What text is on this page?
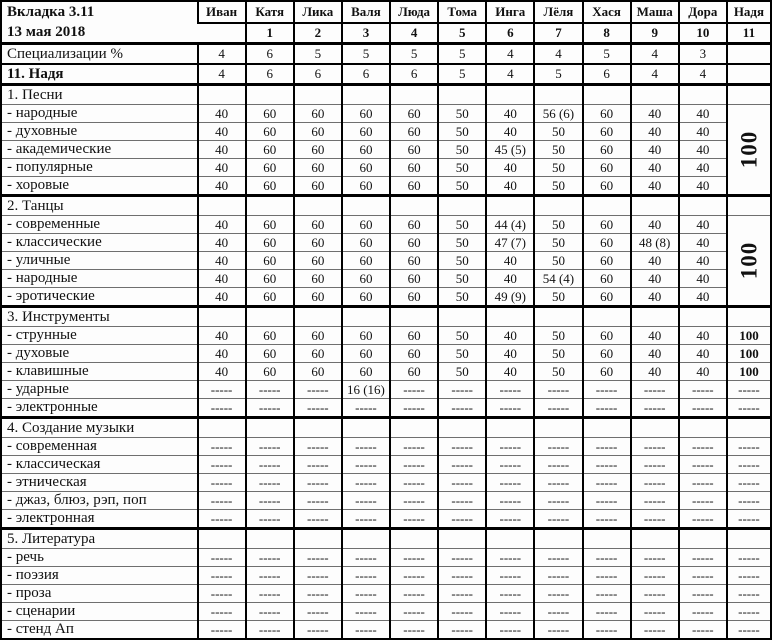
Вкладка 3.11
13 мая 2018	Иван	Катя	Лика	Валя	Люда	Тома	Инга	Лёля	Хася	Маша	Дора	Надя
		1	2	3	4	5	6	7	8	9	10	11
Специализации %	4	6	5	5	5	5	4	4	5	4	3	
11. Надя	4	6	6	6	6	5	4	5	6	4	4	
1. Песни												
- народные	40	60	60	60	60	50	40	56 (6)	60	40	40	100
- духовные	40	60	60	60	60	50	40	50	60	40	40	
- академические	40	60	60	60	60	50	45 (5)	50	60	40	40	
- популярные	40	60	60	60	60	50	40	50	60	40	40	
- хоровые	40	60	60	60	60	50	40	50	60	40	40	
2. Танцы												
- современные	40	60	60	60	60	50	44 (4)	50	60	40	40	100
- классические	40	60	60	60	60	50	47 (7)	50	60	48 (8)	40	
- уличные	40	60	60	60	60	50	40	50	60	40	40	
- народные	40	60	60	60	60	50	40	54 (4)	60	40	40	
- эротические	40	60	60	60	60	50	49 (9)	50	60	40	40	
3. Инструменты												
- струнные	40	60	60	60	60	50	40	50	60	40	40	100
- духовые	40	60	60	60	60	50	40	50	60	40	40	100
- клавишные	40	60	60	60	60	50	40	50	60	40	40	100
- ударные	-----	-----	-----	16 (16)	-----	-----	-----	-----	-----	-----	-----	-----
- электронные	-----	-----	-----	-----	-----	-----	-----	-----	-----	-----	-----	-----
4. Создание музыки												
- современная	-----	-----	-----	-----	-----	-----	-----	-----	-----	-----	-----	-----
- классическая	-----	-----	-----	-----	-----	-----	-----	-----	-----	-----	-----	-----
- этническая	-----	-----	-----	-----	-----	-----	-----	-----	-----	-----	-----	-----
- джаз, блюз, рэп, поп	-----	-----	-----	-----	-----	-----	-----	-----	-----	-----	-----	-----
- электронная	-----	-----	-----	-----	-----	-----	-----	-----	-----	-----	-----	-----
5. Литература												
- речь	-----	-----	-----	-----	-----	-----	-----	-----	-----	-----	-----	-----
- поэзия	-----	-----	-----	-----	-----	-----	-----	-----	-----	-----	-----	-----
- проза	-----	-----	-----	-----	-----	-----	-----	-----	-----	-----	-----	-----
- сценарии	-----	-----	-----	-----	-----	-----	-----	-----	-----	-----	-----	-----
- стенд Ап	-----	-----	-----	-----	-----	-----	-----	-----	-----	-----	-----	-----
